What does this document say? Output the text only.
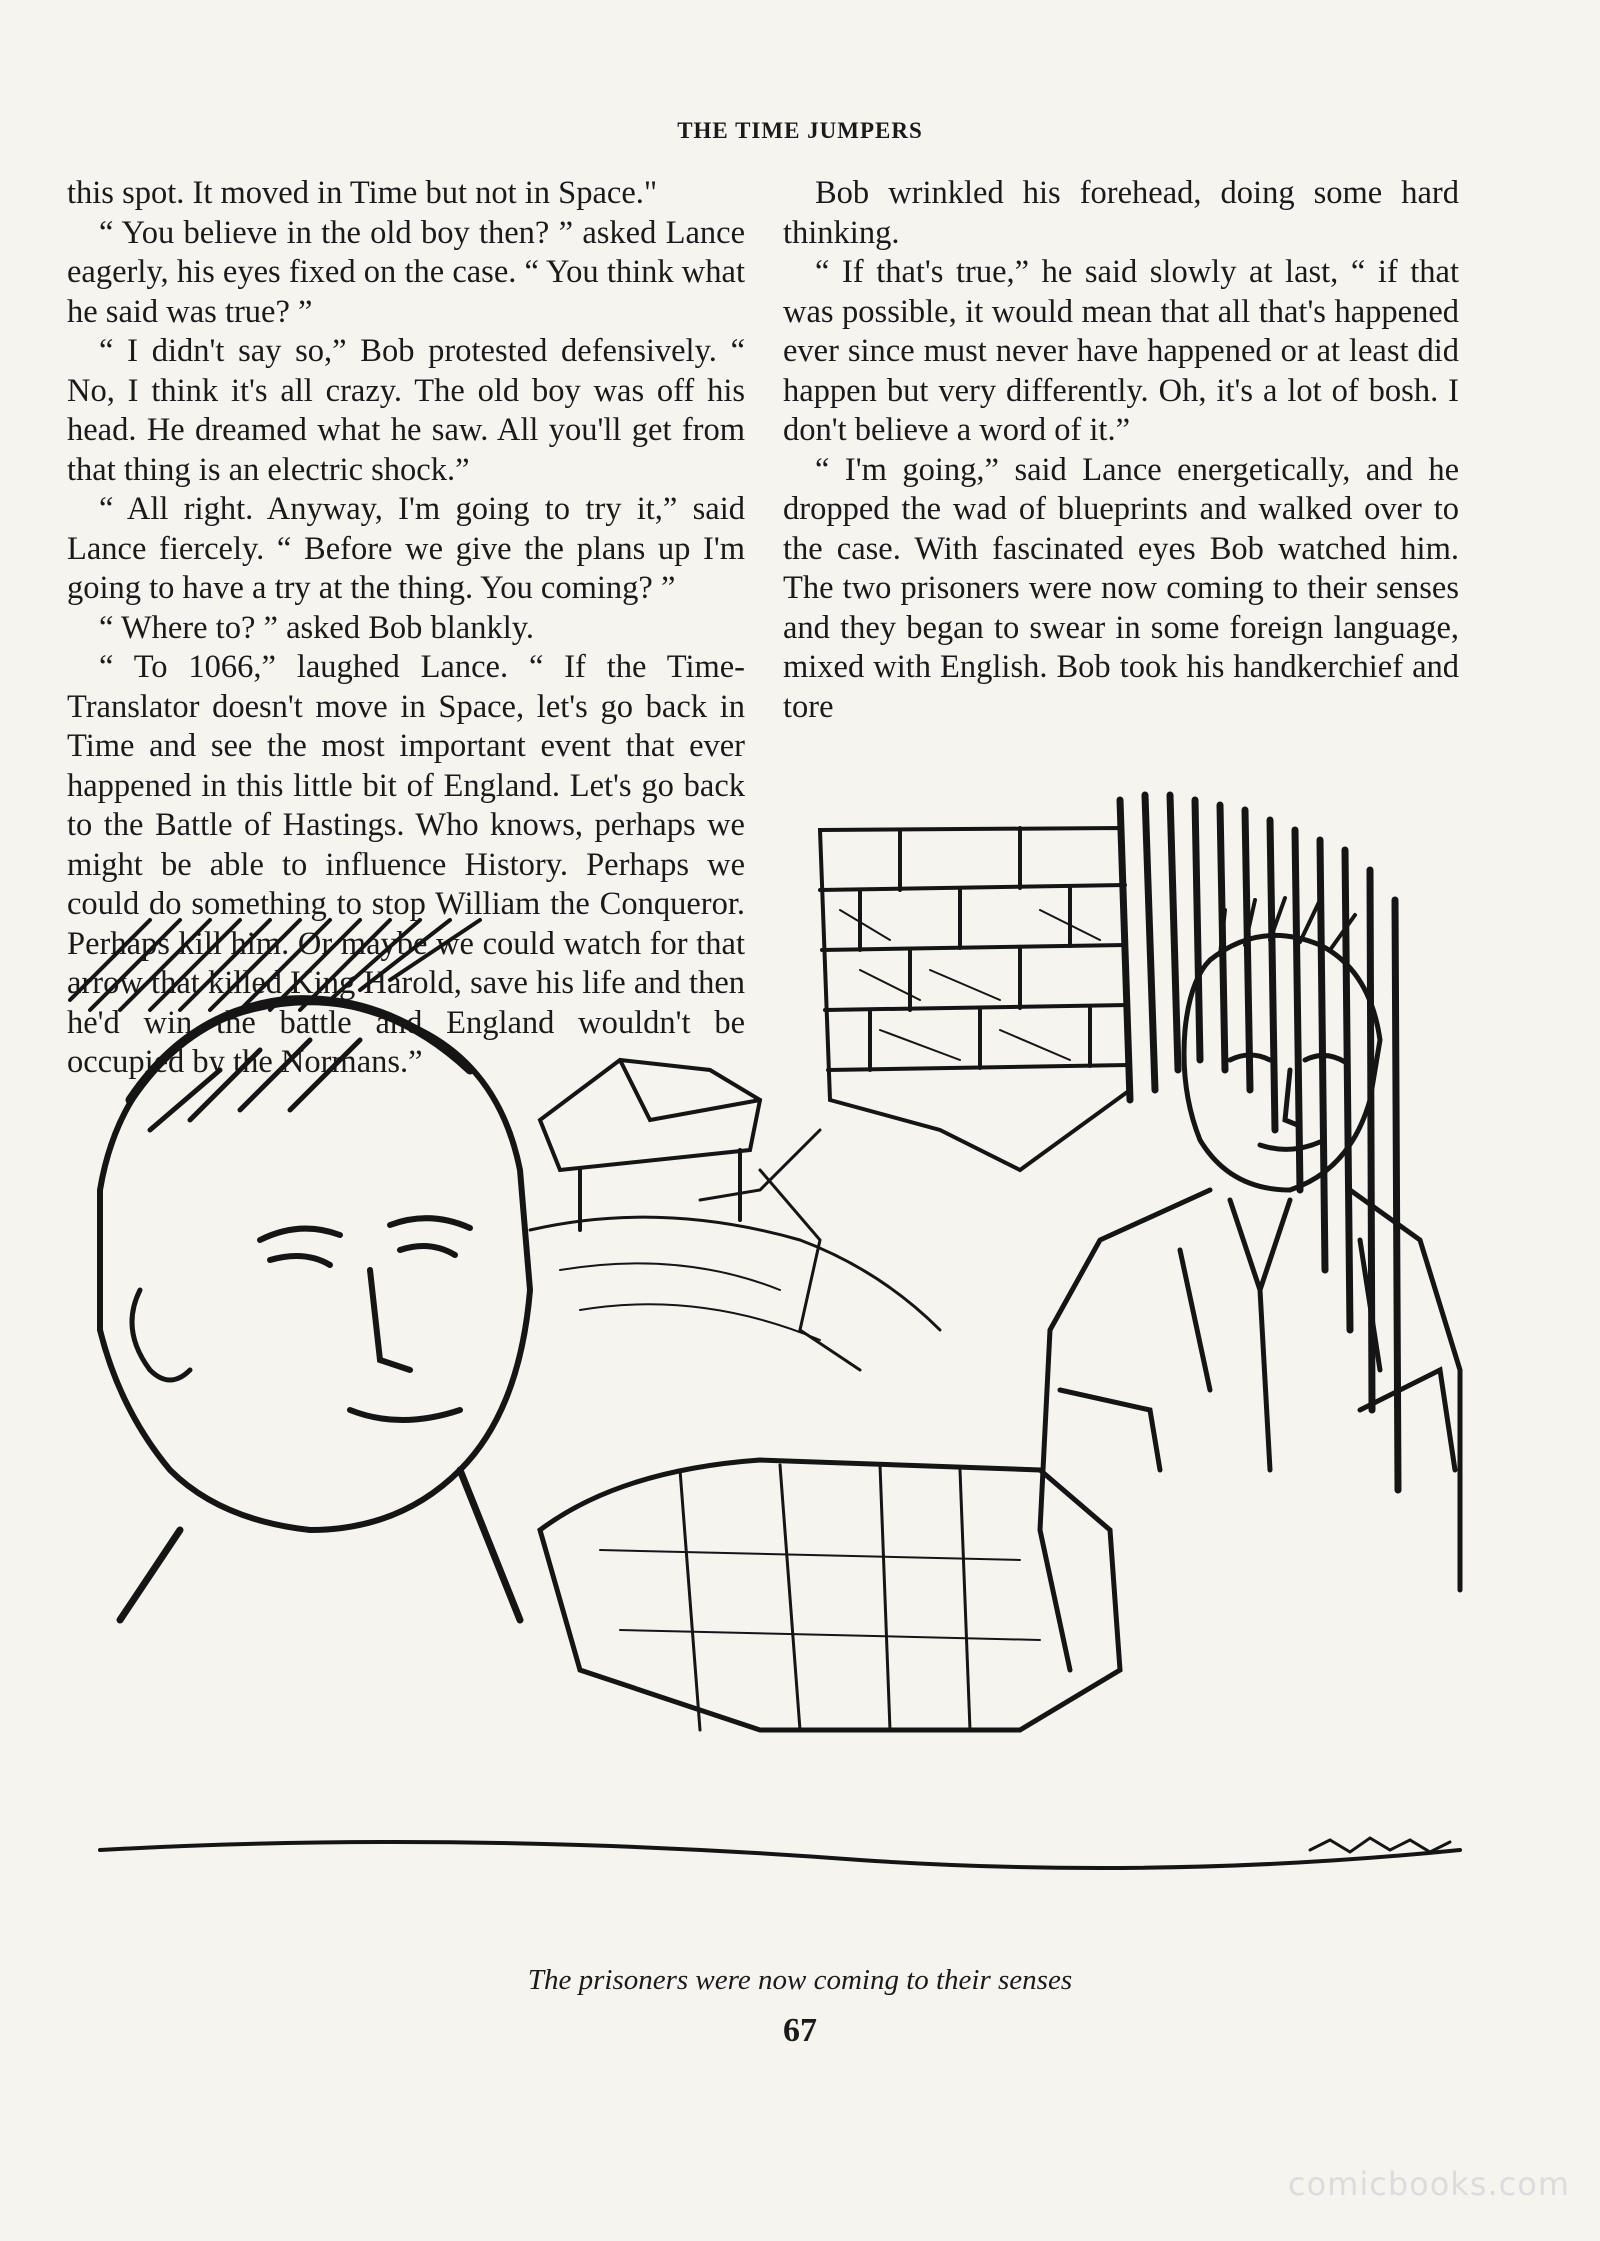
THE TIME JUMPERS

this spot. It moved in Time but not in Space."

“ You believe in the old boy then? ” asked Lance eagerly, his eyes fixed on the case. “ You think what he said was true? ”

“ I didn't say so,” Bob protested defensively. “ No, I think it's all crazy. The old boy was off his head. He dreamed what he saw. All you'll get from that thing is an electric shock.”

“ All right. Anyway, I'm going to try it,” said Lance fiercely. “ Before we give the plans up I'm going to have a try at the thing. You coming? ”

“ Where to? ” asked Bob blankly.

“ To 1066,” laughed Lance. “ If the Time-Translator doesn't move in Space, let's go back in Time and see the most important event that ever happened in this little bit of England. Let's go back to the Battle of Hastings. Who knows, perhaps we might be able to influence History. Perhaps we could do something to stop William the Conqueror. Perhaps kill him. Or maybe we could watch for that arrow that killed King Harold, save his life and then he'd win the battle and England wouldn't be occupied by the Normans.”

Bob wrinkled his forehead, doing some hard thinking.

“ If that's true,” he said slowly at last, “ if that was possible, it would mean that all that's happened ever since must never have happened or at least did happen but very differently. Oh, it's a lot of bosh. I don't believe a word of it.”

“ I'm going,” said Lance energetically, and he dropped the wad of blueprints and walked over to the case. With fascinated eyes Bob watched him. The two prisoners were now coming to their senses and they began to swear in some foreign language, mixed with English. Bob took his handkerchief and tore

The prisoners were now coming to their senses
67
comicbooks.com
